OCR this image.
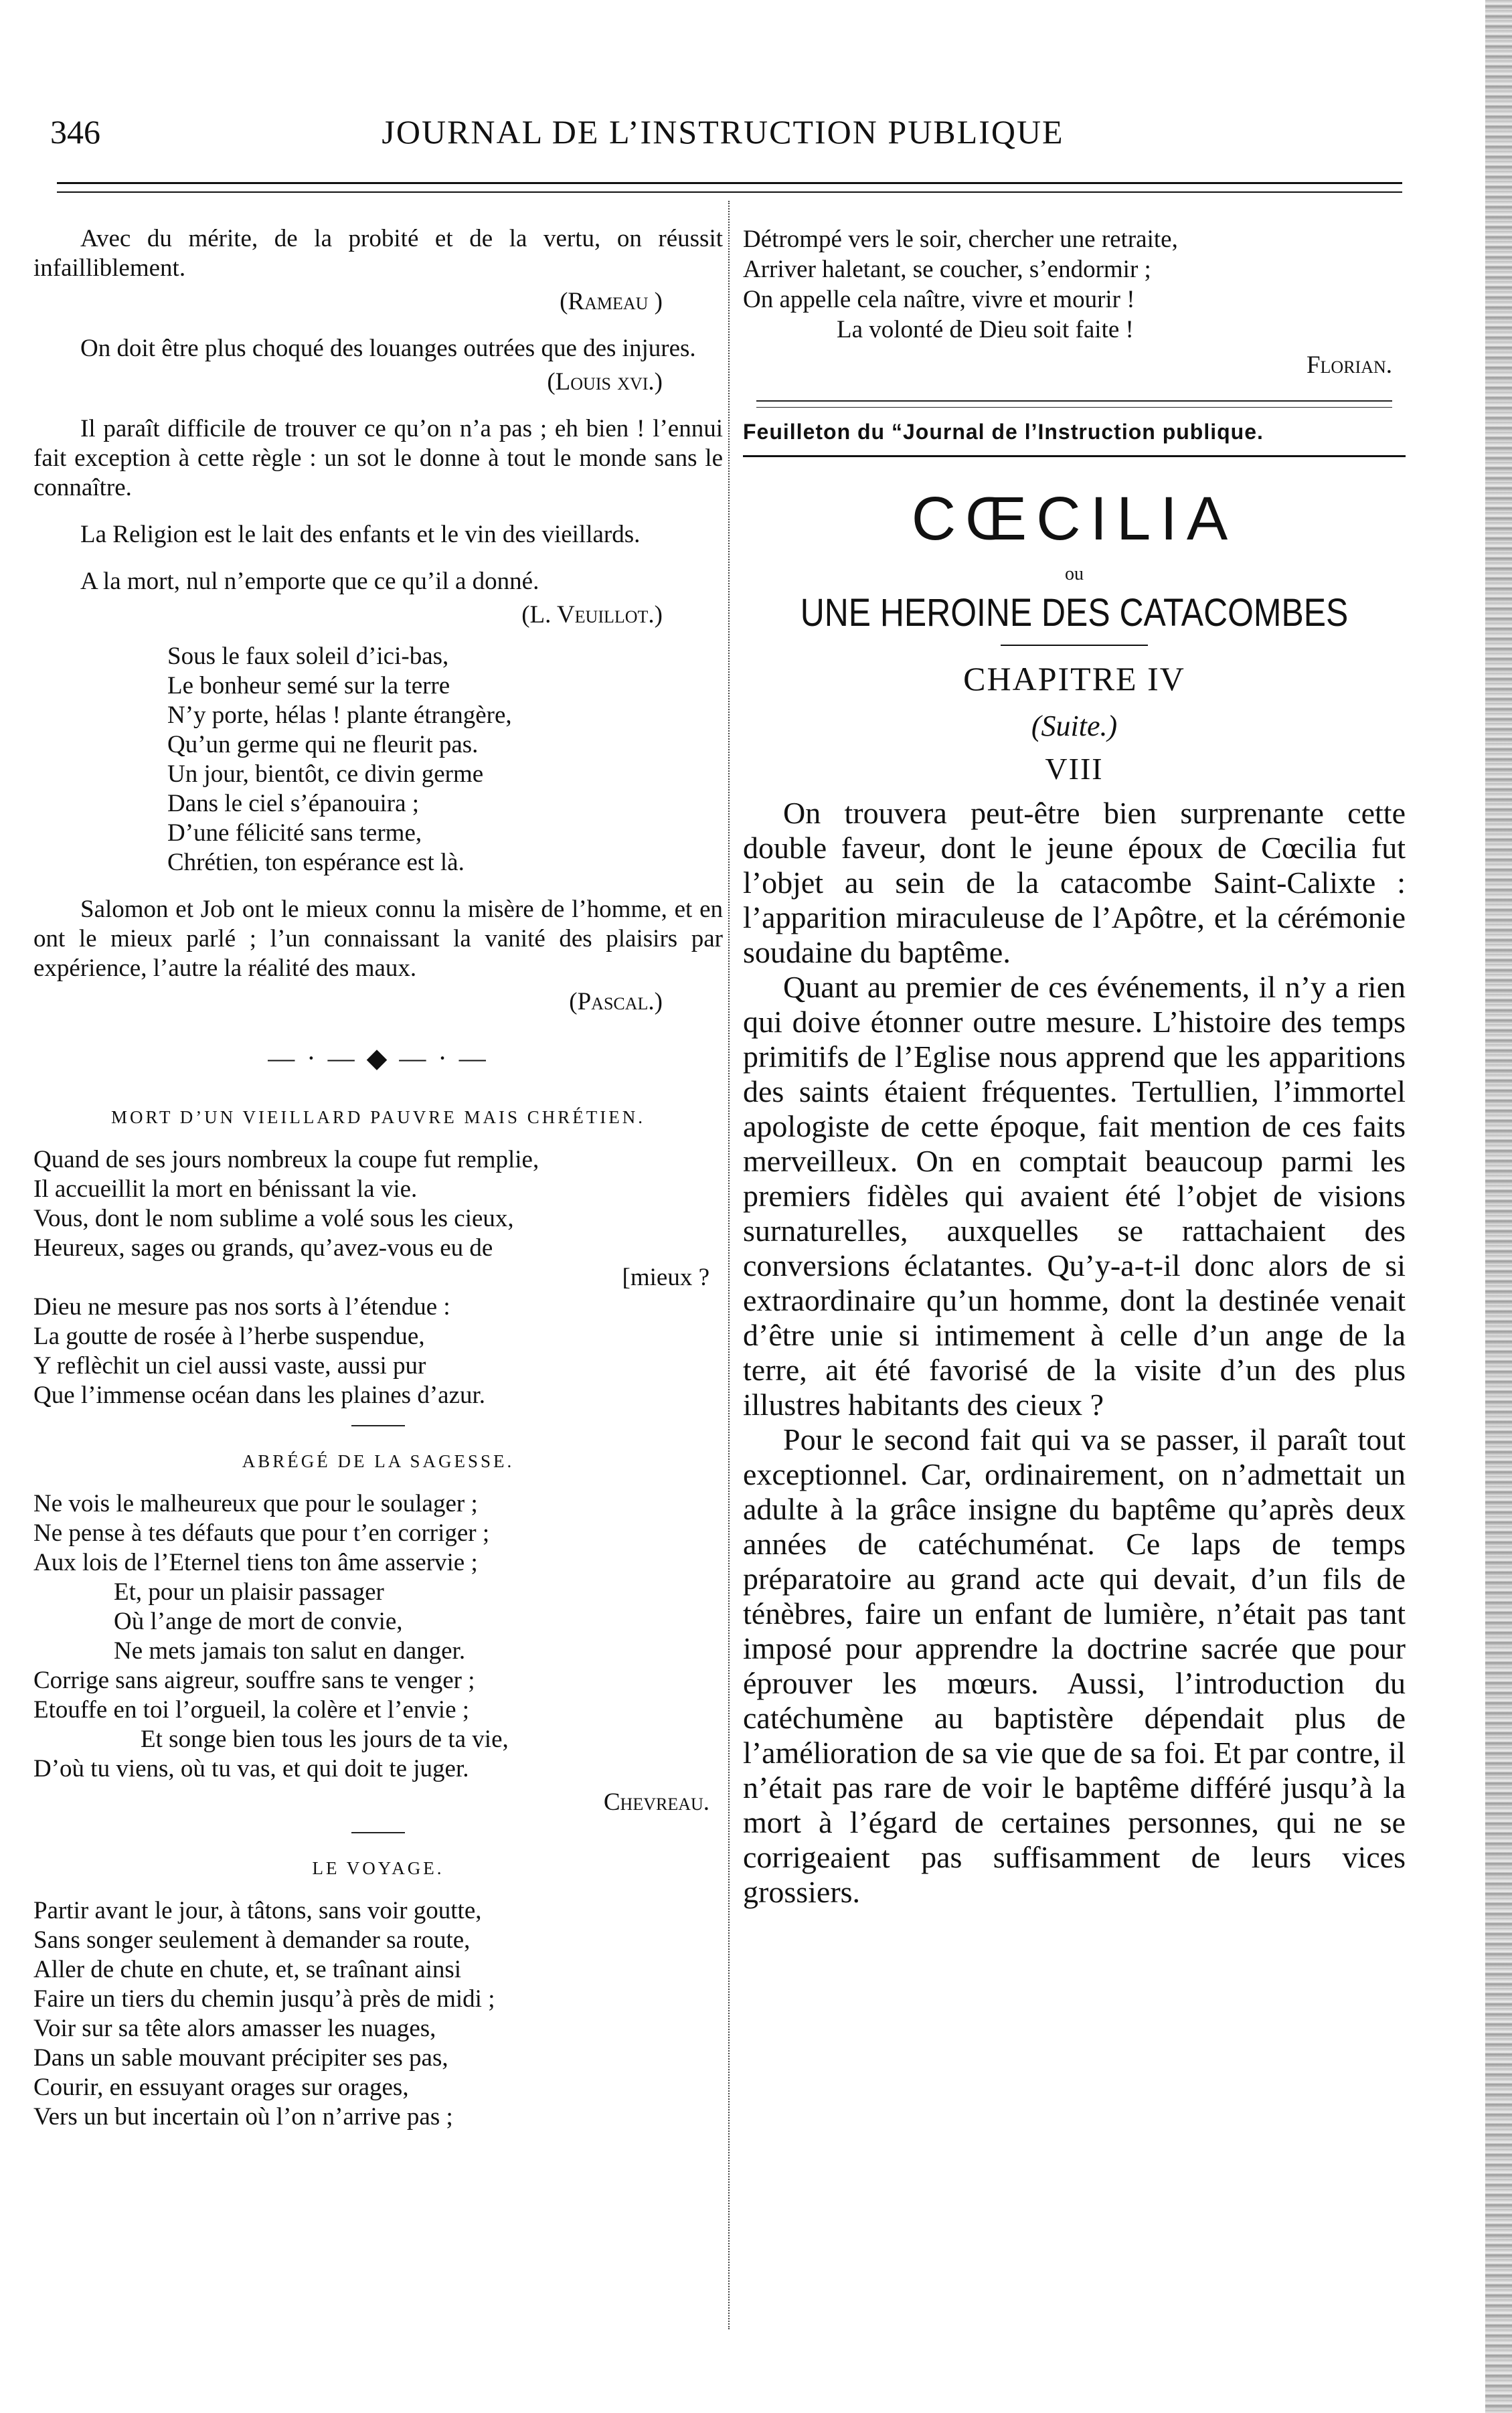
346	JOURNAL DE L’INSTRUCTION PUBLIQUE

Avec du mérite, de la probité et de la vertu, on réussit infailliblement.

(Rameau )

On doit être plus choqué des louanges outrées que des injures.

(Louis xvi.)

Il paraît difficile de trouver ce qu’on n’a pas ; eh bien ! l’ennui fait exception à cette règle : un sot le donne à tout le monde sans le connaître.

La Religion est le lait des enfants et le vin des vieillards.

A la mort, nul n’emporte que ce qu’il a donné.

(L. Veuillot.)

Sous le faux soleil d’ici-bas,
Le bonheur semé sur la terre
N’y porte, hélas ! plante étrangère,
Qu’un germe qui ne fleurit pas.
Un jour, bientôt, ce divin germe
Dans le ciel s’épanouira ;
D’une félicité sans terme,
Chrétien, ton espérance est là.

Salomon et Job ont le mieux connu la misère de l’homme, et en ont le mieux parlé ; l’un connaissant la vanité des plaisirs par expérience, l’autre la réalité des maux.

(Pascal.)

— · — ◆ — · —
MORT D’UN VIEILLARD PAUVRE MAIS CHRÉTIEN.
Quand de ses jours nombreux la coupe fut remplie,
Il accueillit la mort en bénissant la vie.
Vous, dont le nom sublime a volé sous les cieux,
Heureux, sages ou grands, qu’avez-vous eu de
[mieux ?
Dieu ne mesure pas nos sorts à l’étendue :
La goutte de rosée à l’herbe suspendue,
Y reflèchit un ciel aussi vaste, aussi pur
Que l’immense océan dans les plaines d’azur.
ABRÉGÉ DE LA SAGESSE.
Ne vois le malheureux que pour le soulager ;
Ne pense à tes défauts que pour t’en corriger ;
Aux lois de l’Eternel tiens ton âme asservie ;
Et, pour un plaisir passager
Où l’ange de mort de convie,
Ne mets jamais ton salut en danger.
Corrige sans aigreur, souffre sans te venger ;
Etouffe en toi l’orgueil, la colère et l’envie ;
Et songe bien tous les jours de ta vie,
D’où tu viens, où tu vas, et qui doit te juger.

Chevreau.

LE VOYAGE.
Partir avant le jour, à tâtons, sans voir goutte,
Sans songer seulement à demander sa route,
Aller de chute en chute, et, se traînant ainsi
Faire un tiers du chemin jusqu’à près de midi ;
Voir sur sa tête alors amasser les nuages,
Dans un sable mouvant précipiter ses pas,
Courir, en essuyant orages sur orages,
Vers un but incertain où l’on n’arrive pas ;
Détrompé vers le soir, chercher une retraite,
Arriver haletant, se coucher, s’endormir ;
On appelle cela naître, vivre et mourir !
La volonté de Dieu soit faite !
Florian.
Feuilleton du “Journal de l’Instruction publique.
CŒCILIA
ou
UNE HEROINE DES CATACOMBES
CHAPITRE IV
(Suite.)
VIII

On trouvera peut-être bien surprenante cette double faveur, dont le jeune époux de Cœcilia fut l’objet au sein de la catacombe Saint-Calixte : l’apparition miraculeuse de l’Apôtre, et la cérémonie soudaine du baptême.

Quant au premier de ces événements, il n’y a rien qui doive étonner outre mesure. L’histoire des temps primitifs de l’Eglise nous apprend que les apparitions des saints étaient fréquentes. Tertullien, l’immortel apologiste de cette époque, fait mention de ces faits merveilleux. On en comptait beaucoup parmi les premiers fidèles qui avaient été l’objet de visions surnaturelles, auxquelles se rattachaient des conversions éclatantes. Qu’y-a-t-il donc alors de si extraordinaire qu’un homme, dont la destinée venait d’être unie si intimement à celle d’un ange de la terre, ait été favorisé de la visite d’un des plus illustres habitants des cieux ?

Pour le second fait qui va se passer, il paraît tout exceptionnel. Car, ordinairement, on n’admettait un adulte à la grâce insigne du baptême qu’après deux années de catéchuménat. Ce laps de temps préparatoire au grand acte qui devait, d’un fils de ténèbres, faire un enfant de lumière, n’était pas tant imposé pour apprendre la doctrine sacrée que pour éprouver les mœurs. Aussi, l’introduction du catéchumène au baptistère dépendait plus de l’amélioration de sa vie que de sa foi. Et par contre, il n’était pas rare de voir le baptême différé jusqu’à la mort à l’égard de certaines personnes, qui ne se corrigeaient pas suffisamment de leurs vices grossiers.
